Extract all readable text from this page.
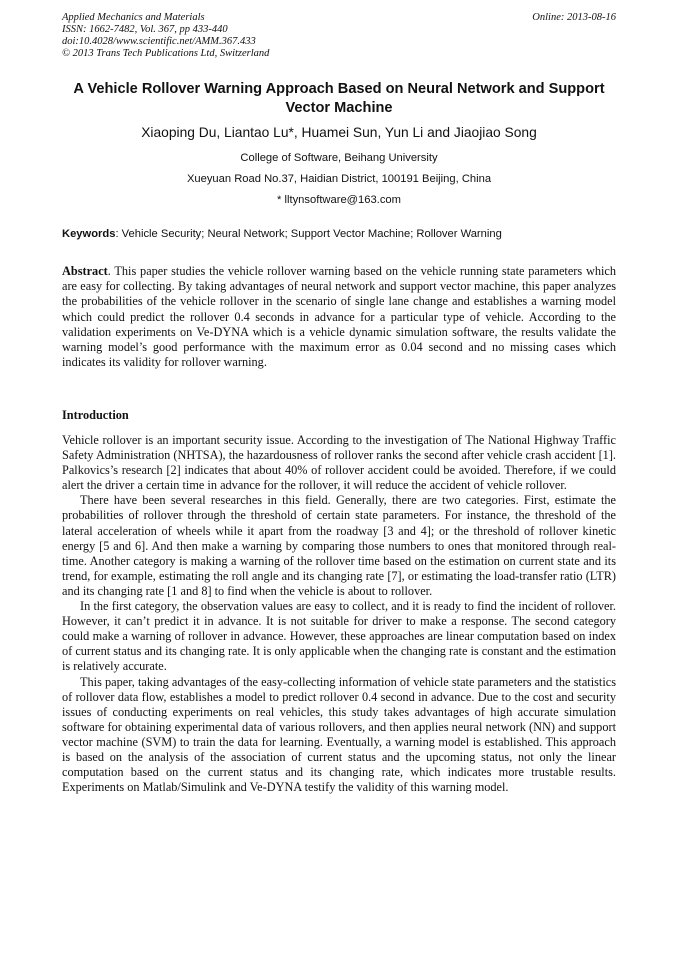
Applied Mechanics and Materials
ISSN: 1662-7482, Vol. 367, pp 433-440
doi:10.4028/www.scientific.net/AMM.367.433
© 2013 Trans Tech Publications Ltd, Switzerland
Online: 2013-08-16
A Vehicle Rollover Warning Approach Based on Neural Network and Support Vector Machine
Xiaoping Du, Liantao Lu*, Huamei Sun, Yun Li and Jiaojiao Song
College of Software, Beihang University
Xueyuan Road No.37, Haidian District, 100191 Beijing, China
* lltynsoftware@163.com
Keywords: Vehicle Security; Neural Network; Support Vector Machine; Rollover Warning
Abstract. This paper studies the vehicle rollover warning based on the vehicle running state parameters which are easy for collecting. By taking advantages of neural network and support vector machine, this paper analyzes the probabilities of the vehicle rollover in the scenario of single lane change and establishes a warning model which could predict the rollover 0.4 seconds in advance for a particular type of vehicle. According to the validation experiments on Ve-DYNA which is a vehicle dynamic simulation software, the results validate the warning model’s good performance with the maximum error as 0.04 second and no missing cases which indicates its validity for rollover warning.
Introduction

Vehicle rollover is an important security issue. According to the investigation of The National Highway Traffic Safety Administration (NHTSA), the hazardousness of rollover ranks the second after vehicle crash accident [1]. Palkovics’s research [2] indicates that about 40% of rollover accident could be avoided. Therefore, if we could alert the driver a certain time in advance for the rollover, it will reduce the accident of vehicle rollover.

There have been several researches in this field. Generally, there are two categories. First, estimate the probabilities of rollover through the threshold of certain state parameters. For instance, the threshold of the lateral acceleration of wheels while it apart from the roadway [3 and 4]; or the threshold of rollover kinetic energy [5 and 6]. And then make a warning by comparing those numbers to ones that monitored through real-time. Another category is making a warning of the rollover time based on the estimation on current state and its trend, for example, estimating the roll angle and its changing rate [7], or estimating the load-transfer ratio (LTR) and its changing rate [1 and 8] to find when the vehicle is about to rollover.

In the first category, the observation values are easy to collect, and it is ready to find the incident of rollover. However, it can’t predict it in advance. It is not suitable for driver to make a response. The second category could make a warning of rollover in advance. However, these approaches are linear computation based on index of current status and its changing rate. It is only applicable when the changing rate is constant and the estimation is relatively accurate.

This paper, taking advantages of the easy-collecting information of vehicle state parameters and the statistics of rollover data flow, establishes a model to predict rollover 0.4 second in advance. Due to the cost and security issues of conducting experiments on real vehicles, this study takes advantages of high accurate simulation software for obtaining experimental data of various rollovers, and then applies neural network (NN) and support vector machine (SVM) to train the data for learning. Eventually, a warning model is established. This approach is based on the analysis of the association of current status and the upcoming status, not only the linear computation based on the current status and its changing rate, which indicates more trustable results. Experiments on Matlab/Simulink and Ve-DYNA testify the validity of this warning model.
